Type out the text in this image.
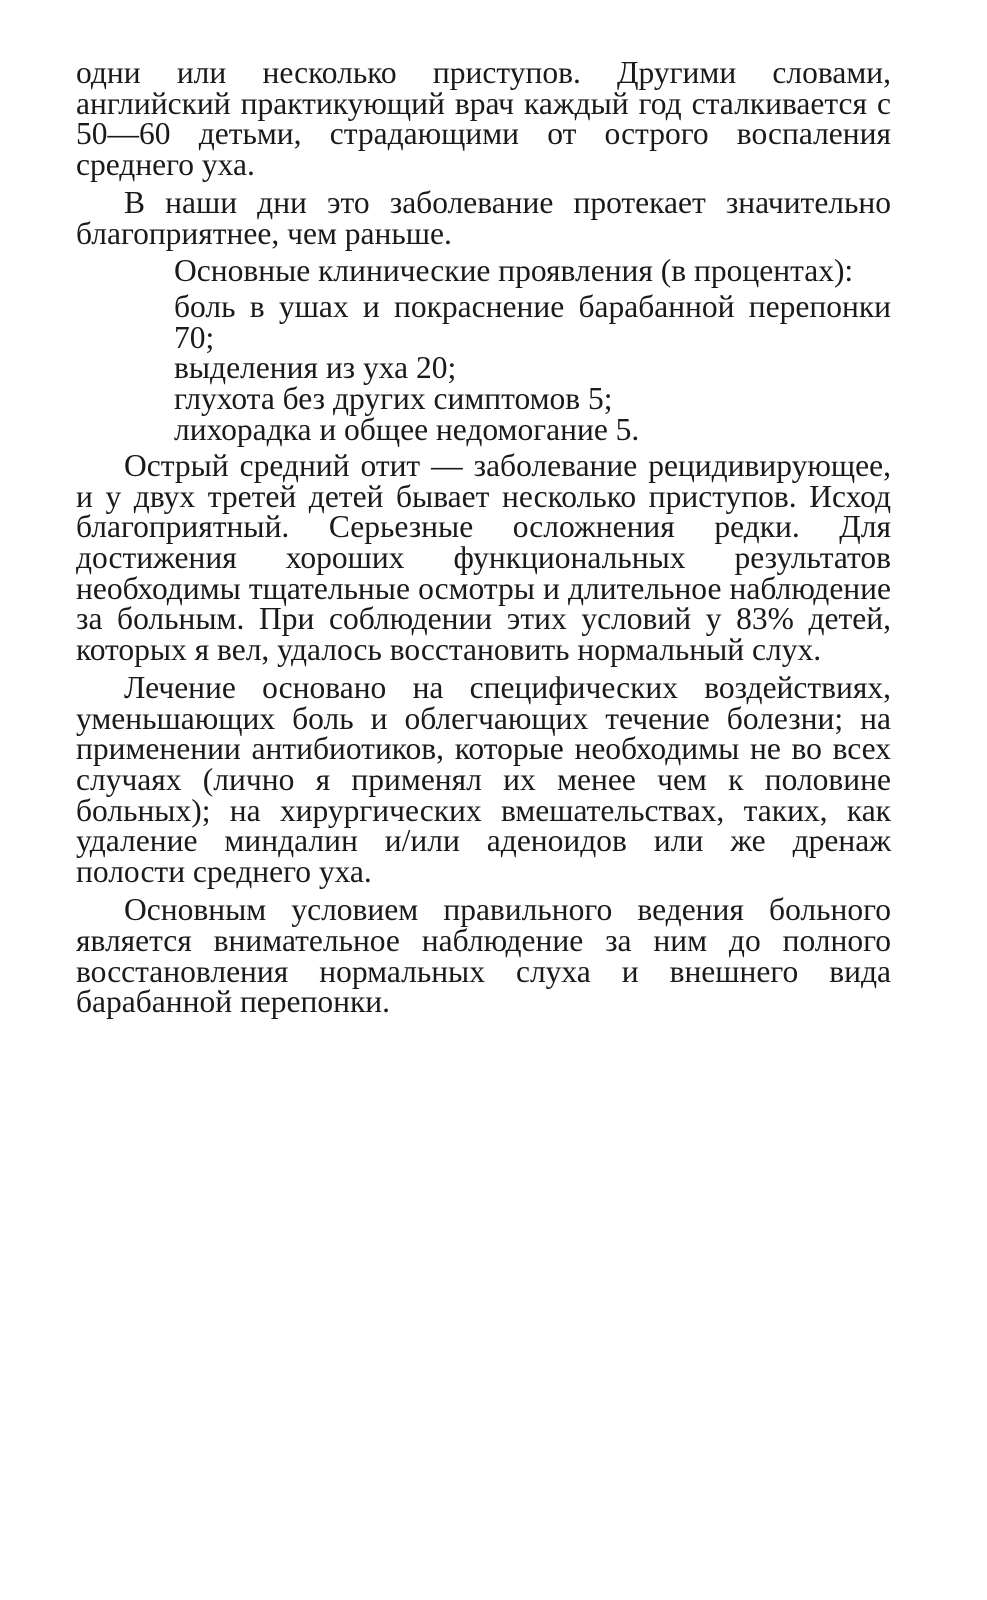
одни или несколько приступов. Другими словами, английский практикующий врач каждый год сталкивается с 50—60 детьми, страдающими от острого воспаления среднего уха.

В наши дни это заболевание протекает значительно благоприятнее, чем раньше.

Основные клинические проявления (в процентах):

боль в ушах и покраснение барабанной перепонки 70;

выделения из уха 20;

глухота без других симптомов 5;

лихорадка и общее недомогание 5.

Острый средний отит — заболевание рецидивирующее, и у двух третей детей бывает несколько приступов. Исход благоприятный. Серьезные осложнения редки. Для достижения хороших функциональных результатов необходимы тщательные осмотры и длительное наблюдение за больным. При соблюдении этих условий у 83% детей, которых я вел, удалось восстановить нормальный слух.

Лечение основано на специфических воздействиях, уменьшающих боль и облегчающих течение болезни; на применении антибиотиков, которые необходимы не во всех случаях (лично я применял их менее чем к половине больных); на хирургических вмешательствах, таких, как удаление миндалин и/или аденоидов или же дренаж полости среднего уха.

Основным условием правильного ведения больного является внимательное наблюдение за ним до полного восстановления нормальных слуха и внешнего вида барабанной перепонки.
